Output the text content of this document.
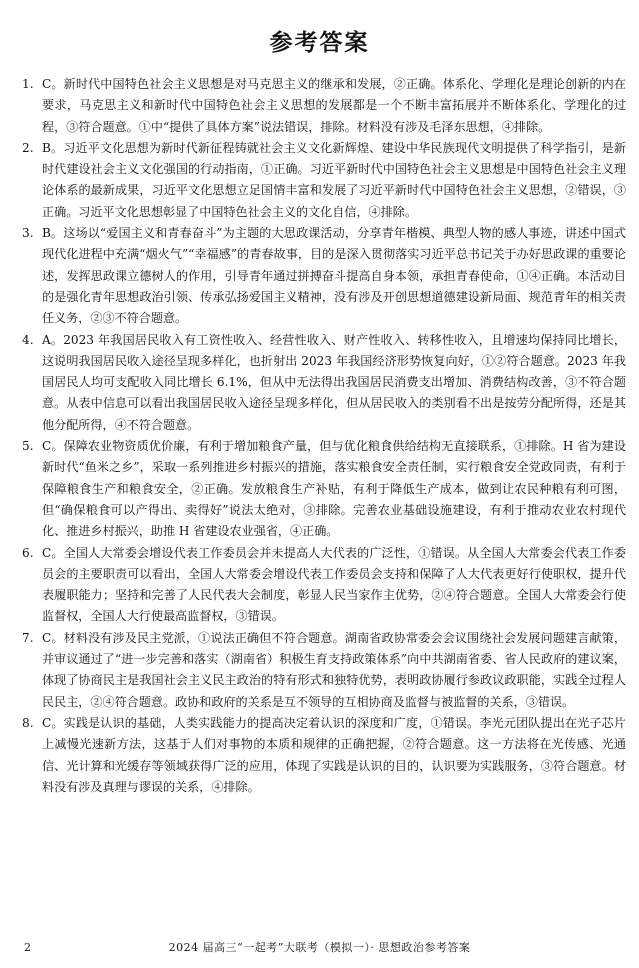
参考答案

1. C。新时代中国特色社会主义思想是对马克思主义的继承和发展，②正确。体系化、学理化是理论创新的内在要求，马克思主义和新时代中国特色社会主义思想的发展都是一个不断丰富拓展并不断体系化、学理化的过程，③符合题意。①中“提供了具体方案”说法错误，排除。材料没有涉及毛泽东思想，④排除。

2. B。习近平文化思想为新时代新征程铸就社会主义文化新辉煌、建设中华民族现代文明提供了科学指引，是新时代建设社会主义文化强国的行动指南，①正确。习近平新时代中国特色社会主义思想是中国特色社会主义理论体系的最新成果，习近平文化思想立足国情丰富和发展了习近平新时代中国特色社会主义思想，②错误，③正确。习近平文化思想彰显了中国特色社会主义的文化自信，④排除。

3. B。这场以“爱国主义和青春奋斗”为主题的大思政课活动，分享青年楷模、典型人物的感人事迹，讲述中国式现代化进程中充满“烟火气”“幸福感”的青春故事，目的是深入贯彻落实习近平总书记关于办好思政课的重要论述，发挥思政课立德树人的作用，引导青年通过拼搏奋斗提高自身本领，承担青春使命，①④正确。本活动目的是强化青年思想政治引领、传承弘扬爱国主义精神，没有涉及开创思想道德建设新局面、规范青年的相关责任义务，②③不符合题意。

4. A。2023 年我国居民收入有工资性收入、经营性收入、财产性收入、转移性收入，且增速均保持同比增长，这说明我国居民收入途径呈现多样化，也折射出 2023 年我国经济形势恢复向好，①②符合题意。2023 年我国居民人均可支配收入同比增长 6.1%，但从中无法得出我国居民消费支出增加、消费结构改善，③不符合题意。从表中信息可以看出我国居民收入途径呈现多样化，但从居民收入的类别看不出是按劳分配所得，还是其他分配所得，④不符合题意。

5. C。保障农业物资质优价廉，有利于增加粮食产量，但与优化粮食供给结构无直接联系，①排除。H 省为建设新时代“鱼米之乡”，采取一系列推进乡村振兴的措施，落实粮食安全责任制，实行粮食安全党政同责，有利于保障粮食生产和粮食安全，②正确。发放粮食生产补贴，有利于降低生产成本，做到让农民种粮有利可图，但“确保粮食可以产得出、卖得好”说法太绝对，③排除。完善农业基础设施建设，有利于推动农业农村现代化、推进乡村振兴，助推 H 省建设农业强省，④正确。

6. C。全国人大常委会增设代表工作委员会并未提高人大代表的广泛性，①错误。从全国人大常委会代表工作委员会的主要职责可以看出，全国人大常委会增设代表工作委员会支持和保障了人大代表更好行使职权，提升代表履职能力；坚持和完善了人民代表大会制度，彰显人民当家作主优势，②④符合题意。全国人大常委会行使监督权，全国人大行使最高监督权，③错误。

7. C。材料没有涉及民主党派，①说法正确但不符合题意。湖南省政协常委会会议围绕社会发展问题建言献策，并审议通过了“进一步完善和落实（湖南省）积极生育支持政策体系”向中共湖南省委、省人民政府的建议案，体现了协商民主是我国社会主义民主政治的特有形式和独特优势，表明政协履行参政议政职能，实践全过程人民民主，②④符合题意。政协和政府的关系是互不领导的互相协商及监督与被监督的关系，③错误。

8. C。实践是认识的基础，人类实践能力的提高决定着认识的深度和广度，①错误。李光元团队提出在光子芯片上减慢光速新方法，这基于人们对事物的本质和规律的正确把握，②符合题意。这一方法将在光传感、光通信、光计算和光缓存等领域获得广泛的应用，体现了实践是认识的目的，认识要为实践服务，③符合题意。材料没有涉及真理与谬误的关系，④排除。

2	2024 届高三“一起考”大联考（模拟一）· 思想政治参考答案
